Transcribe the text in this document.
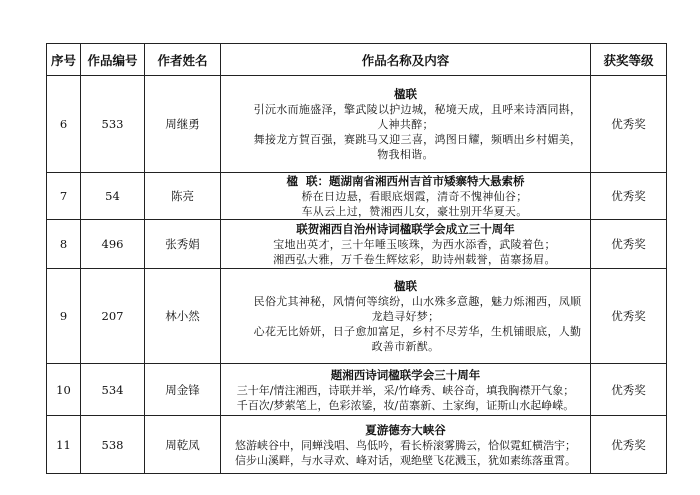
序号	作品编号	作者姓名	作品名称及内容	获奖等级
6	533	周继勇	楹联
引沅水而施盛泽，擎武陵以护边城，秘境天成，且呼来诗酒同斟，
人神共醉；
舞接龙方賀百强，赛跳马又迎三喜，鸿图日耀，频晒出乡村媚美，
物我相谐。	优秀奖
7	54	陈亮	楹  联：题湖南省湘西州吉首市矮寨特大悬索桥
桥在日边悬，看眼底烟霞，清奇不愧神仙谷；
车从云上过，赞湘西儿女，豪壮别开华夏天。	优秀奖
8	496	张秀娟	联贺湘西自治州诗词楹联学会成立三十周年
宝地出英才，三十年唾玉咳珠，为西水添香，武陵着色；
湘西弘大雅，万千卷生辉炫彩，助诗州载誉，苗寨扬眉。	优秀奖
9	207	林小然	楹联
民俗尤其神秘，风情何等缤纷，山水殊多意趣，魅力烁湘西，凤顺
龙趋寻好梦；
心花无比娇妍，日子愈加富足，乡村不尽芳华，生机铺眼底，人勤
政善市新猷。	优秀奖
10	534	周金锋	题湘西诗词楹联学会三十周年
三十年/情注湘西，诗联并举，采/竹峰秀、峡谷奇，填我胸襟开气象；
千百次/梦萦笔上，色彩浓鋈，妆/苗寨新、土家绚，证斯山水起峥嵘。	优秀奖
11	538	周乾凤	夏游德夯大峡谷
悠游峡谷中，同蝉浅唱、鸟低吟，看长桥滚雾腾云，恰似霓虹横浩宇；
信步山溪畔，与水寻欢、峰对话，观绝壁飞花溅玉，犹如素练落重霄。	优秀奖
